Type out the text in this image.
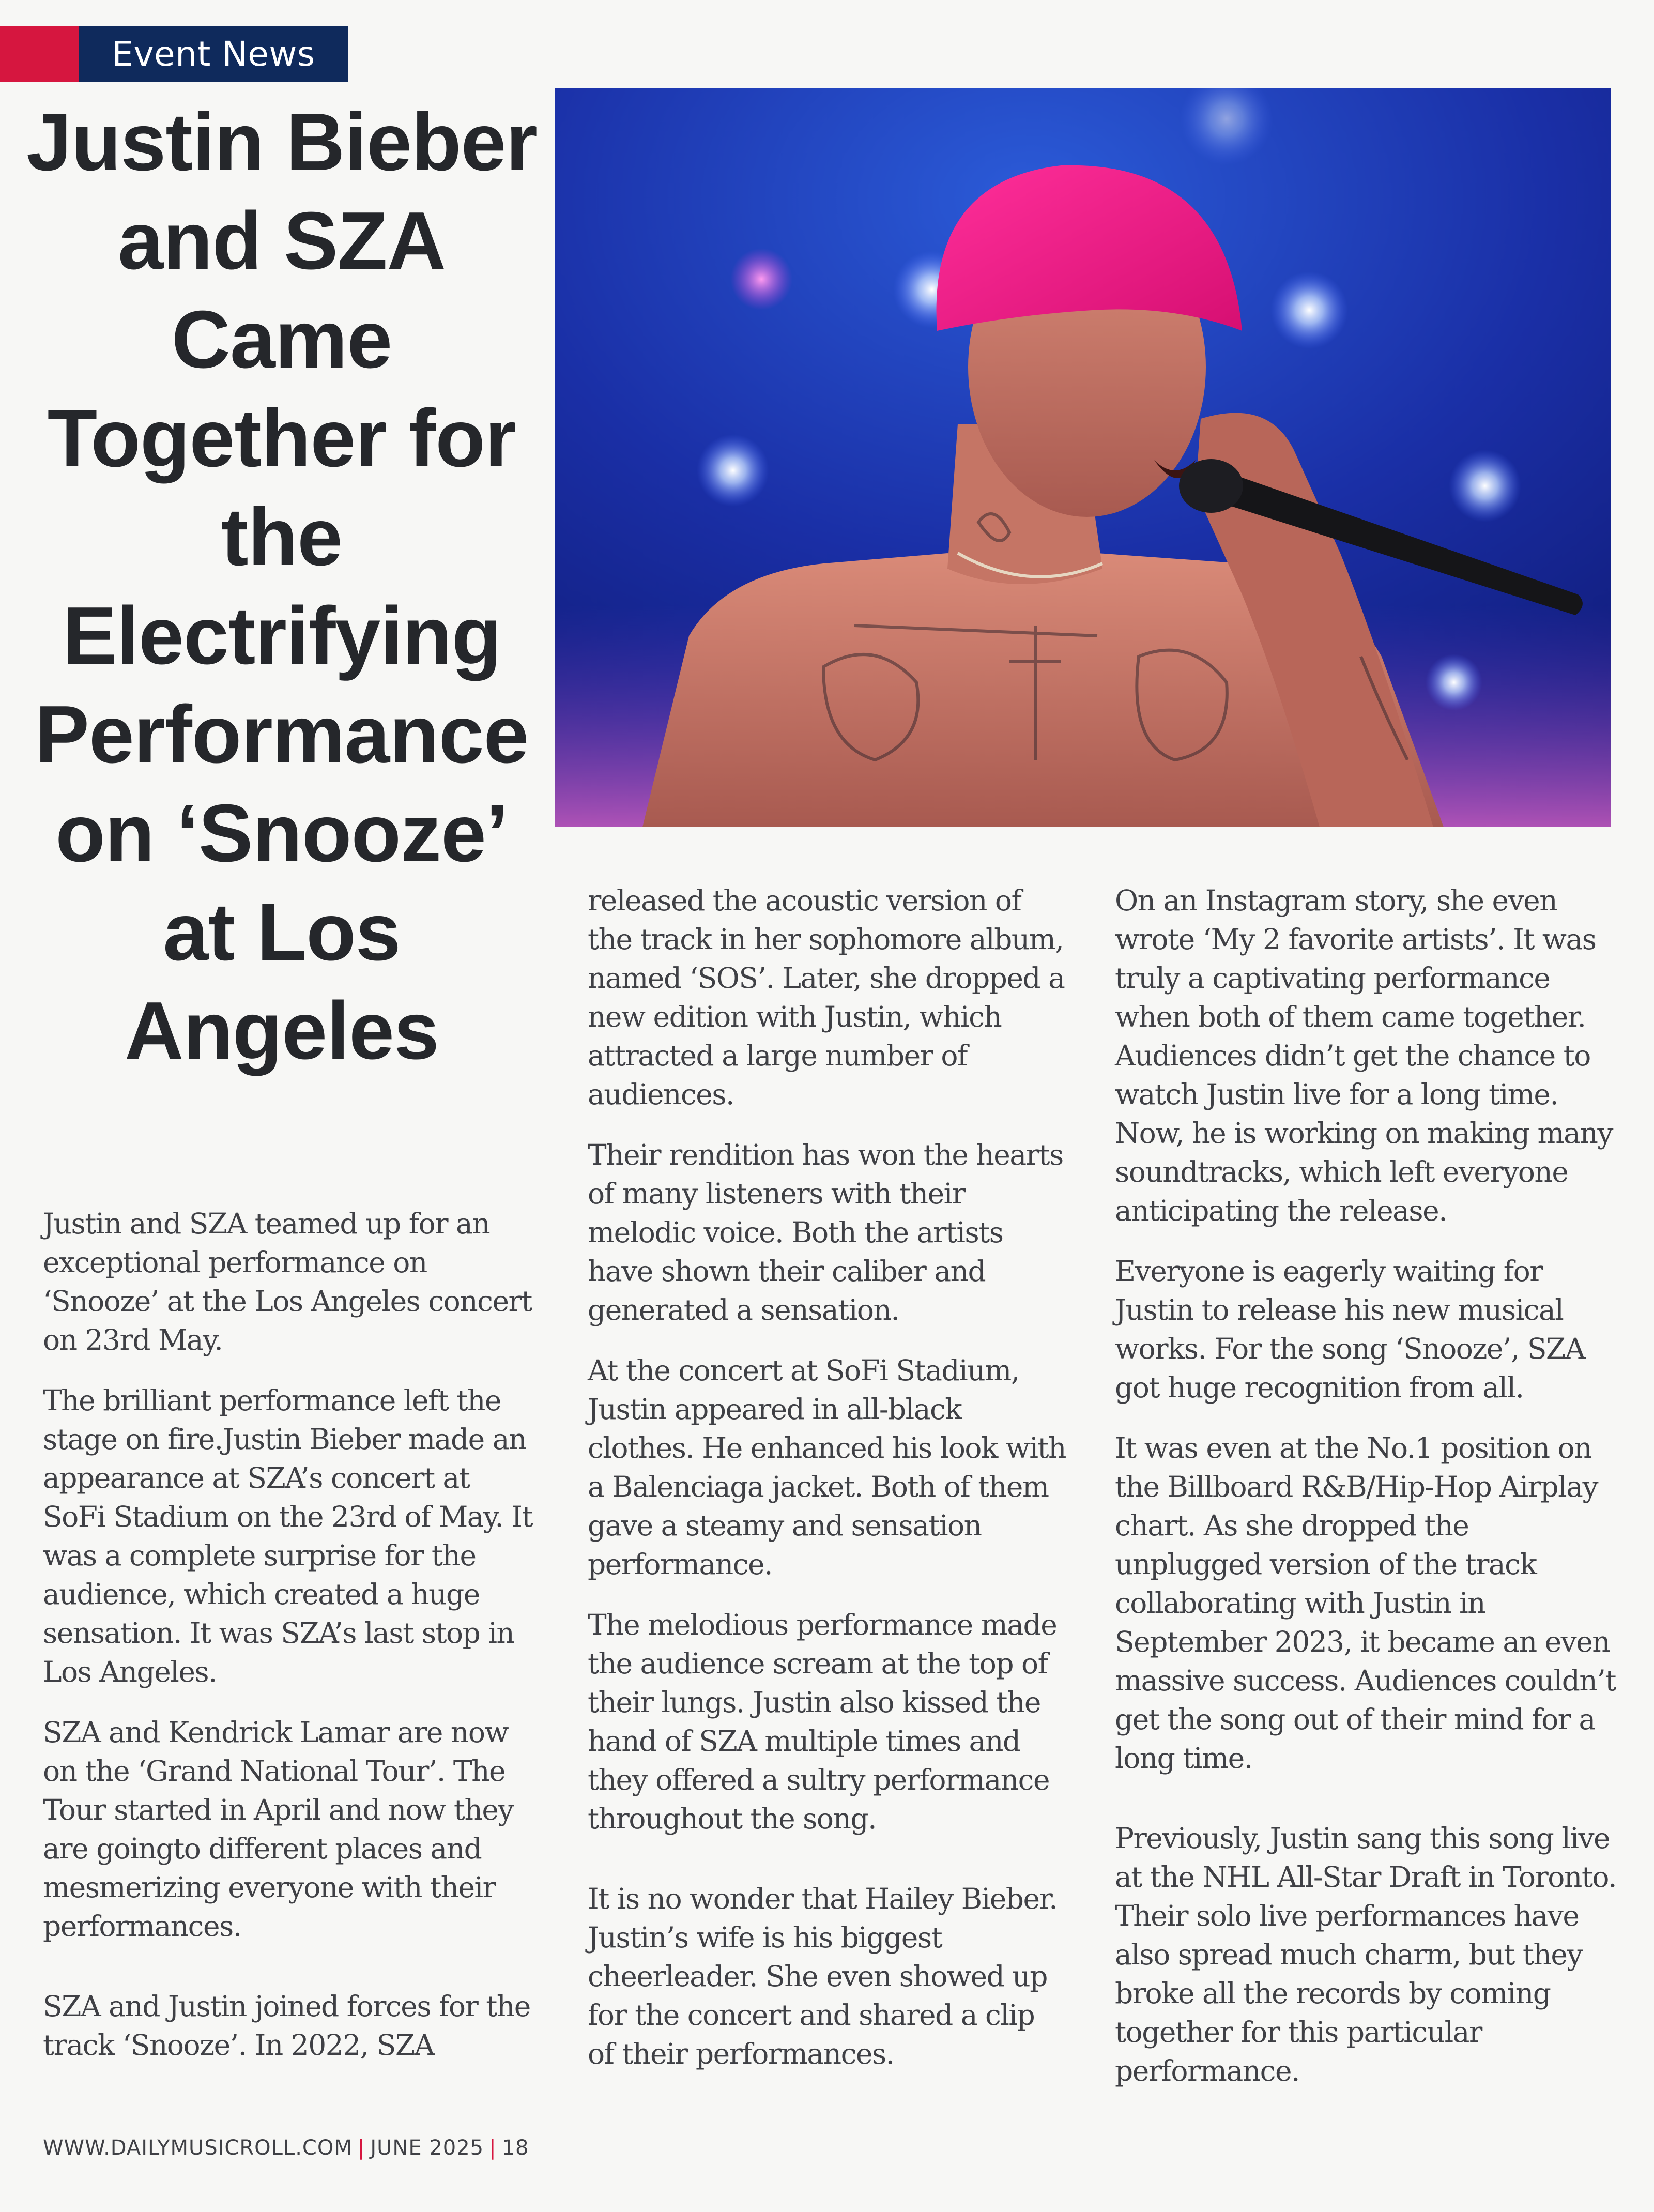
Event News
Justin Bieber and SZA Came Together for the Electrifying Performance on ‘Snooze’ at Los Angeles

Justin and SZA teamed up for an exceptional performance on ‘Snooze’ at the Los Angeles concert on 23rd May.

The brilliant performance left the stage on fire.Justin Bieber made an appearance at SZA’s concert at SoFi Stadium on the 23rd of May. It was a complete surprise for the audience, which created a huge sensation. It was SZA’s last stop in Los Angeles.

SZA and Kendrick Lamar are now on the ‘Grand National Tour’. The Tour started in April and now they are goingto different places and mesmerizing everyone with their performances.

SZA and Justin joined forces for the track ‘Snooze’. In 2022, SZA

released the acoustic version of the track in her sophomore album, named ‘SOS’. Later, she dropped a new edition with Justin, which attracted a large number of audiences.

Their rendition has won the hearts of many listeners with their melodic voice. Both the artists have shown their caliber and generated a sensation.

At the concert at SoFi Stadium, Justin appeared in all-black clothes. He enhanced his look with a Balenciaga jacket. Both of them gave a steamy and sensation performance.

The melodious performance made the audience scream at the top of their lungs. Justin also kissed the hand of SZA multiple times and they offered a sultry performance throughout the song.

It is no wonder that Hailey Bieber. Justin’s wife is his biggest cheerleader. She even showed up for the concert and shared a clip of their performances.

On an Instagram story, she even wrote ‘My 2 favorite artists’. It was truly a captivating performance when both of them came together. Audiences didn’t get the chance to watch Justin live for a long time. Now, he is working on making many soundtracks, which left everyone anticipating the release.

Everyone is eagerly waiting for Justin to release his new musical works. For the song ‘Snooze’, SZA got huge recognition from all.

It was even at the No.1 position on the Billboard R&B/Hip-Hop Airplay chart. As she dropped the unplugged version of the track collaborating with Justin in September 2023, it became an even massive success. Audiences couldn’t get the song out of their mind for a long time.

Previously, Justin sang this song live at the NHL All-Star Draft in Toronto. Their solo live performances have also spread much charm, but they broke all the records by coming together for this particular performance.

WWW.DAILYMUSICROLL.COM | JUNE 2025 | 18
